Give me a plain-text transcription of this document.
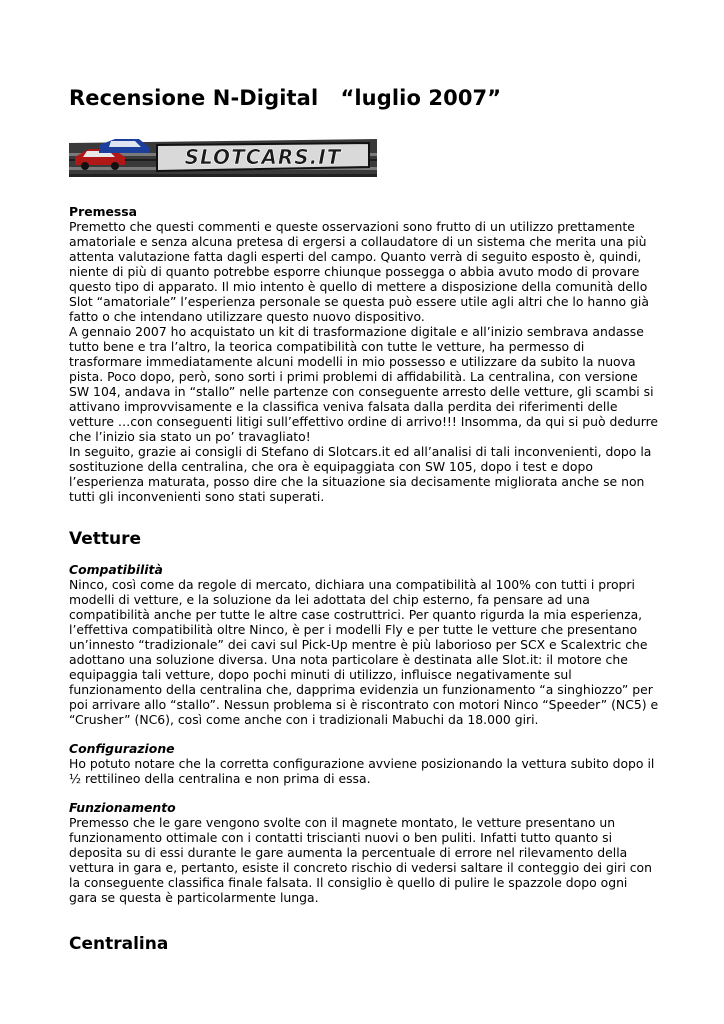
Recensione N-Digital   “luglio 2007”
SLOTCARS.IT

Premessa

Premetto che questi commenti e queste osservazioni sono frutto di un utilizzo prettamente amatoriale e senza alcuna pretesa di ergersi a collaudatore di un sistema che merita una più attenta valutazione fatta dagli esperti del campo. Quanto verrà di seguito esposto è, quindi, niente di più di quanto potrebbe esporre chiunque possegga o abbia avuto modo di provare questo tipo di apparato. Il mio intento è quello di mettere a disposizione della comunità dello Slot “amatoriale” l’esperienza personale se questa può essere utile agli altri che lo hanno già fatto o che intendano utilizzare questo nuovo dispositivo.

A gennaio 2007 ho acquistato un kit di trasformazione digitale e all’inizio sembrava andasse tutto bene e tra l’altro, la teorica compatibilità con tutte le vetture, ha permesso di trasformare immediatamente alcuni modelli in mio possesso e utilizzare da subito la nuova pista. Poco dopo, però, sono sorti i primi problemi di affidabilità. La centralina, con versione SW 104, andava in “stallo” nelle partenze con conseguente arresto delle vetture, gli scambi si attivano improvvisamente e la classifica veniva falsata dalla perdita dei riferimenti delle vetture …con conseguenti litigi sull’effettivo ordine di arrivo!!! Insomma, da qui si può dedurre che l’inizio sia stato un po’ travagliato!

In seguito, grazie ai consigli di Stefano di Slotcars.it ed all’analisi di tali inconvenienti, dopo la sostituzione della centralina, che ora è equipaggiata con SW 105, dopo i test e dopo l’esperienza maturata, posso dire che la situazione sia decisamente migliorata anche se non tutti gli inconvenienti sono stati superati.

Vetture

Compatibilità

Ninco, così come da regole di mercato, dichiara una compatibilità al 100% con tutti i propri modelli di vetture, e la soluzione da lei adottata del chip esterno, fa pensare ad una compatibilità anche per tutte le altre case costruttrici. Per quanto rigurda la mia esperienza, l’effettiva compatibilità oltre Ninco, è per i modelli Fly e per tutte le vetture che presentano un’innesto “tradizionale” dei cavi sul Pick-Up mentre è più laborioso per SCX e Scalextric che adottano una soluzione diversa. Una nota particolare è destinata alle Slot.it: il motore che equipaggia tali vetture, dopo pochi minuti di utilizzo, influisce negativamente sul funzionamento della centralina che, dapprima evidenzia un funzionamento “a singhiozzo” per poi arrivare allo “stallo”. Nessun problema si è riscontrato con motori Ninco “Speeder” (NC5) e “Crusher” (NC6), così come anche con i tradizionali Mabuchi da 18.000 giri.

Configurazione

Ho potuto notare che la corretta configurazione avviene posizionando la vettura subito dopo il ½ rettilineo della centralina e non prima di essa.

Funzionamento

Premesso che le gare vengono svolte con il magnete montato, le vetture presentano un funzionamento ottimale con i contatti triscianti nuovi o ben puliti. Infatti tutto quanto si deposita su di essi durante le gare aumenta la percentuale di errore nel rilevamento della vettura in gara e, pertanto, esiste il concreto rischio di vedersi saltare il conteggio dei giri con la conseguente classifica finale falsata. Il consiglio è quello di pulire le spazzole dopo ogni gara se questa è particolarmente lunga.

Centralina
